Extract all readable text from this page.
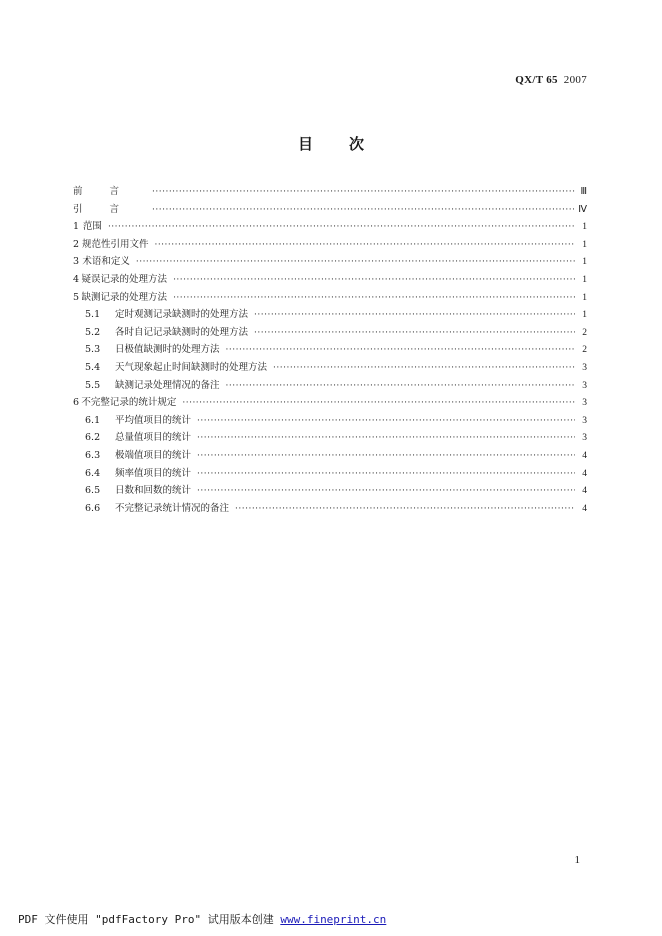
QX/T 65 2007
目次
前言 ·····	Ⅲ
引言 ·····	Ⅳ
1 范围 ·····	1
2 规范性引用文件 ·····	1
3 术语和定义 ·····	1
4 疑误记录的处理方法 ·····	1
5 缺测记录的处理方法 ·····	1
5.1	定时观测记录缺测时的处理方法 ·····	1
5.2	各时自记记录缺测时的处理方法 ·····	2
5.3	日极值缺测时的处理方法 ·····	2
5.4	天气现象起止时间缺测时的处理方法 ·····	3
5.5	缺测记录处理情况的备注 ·····	3
6 不完整记录的统计规定 ·····	3
6.1	平均值项目的统计 ·····	3
6.2	总量值项目的统计 ·····	3
6.3	极端值项目的统计 ·····	4
6.4	频率值项目的统计 ·····	4
6.5	日数和回数的统计 ·····	4
6.6	不完整记录统计情况的备注 ·····	4
1
PDF 文件使用 "pdfFactory Pro" 试用版本创建 www.fineprint.cn
